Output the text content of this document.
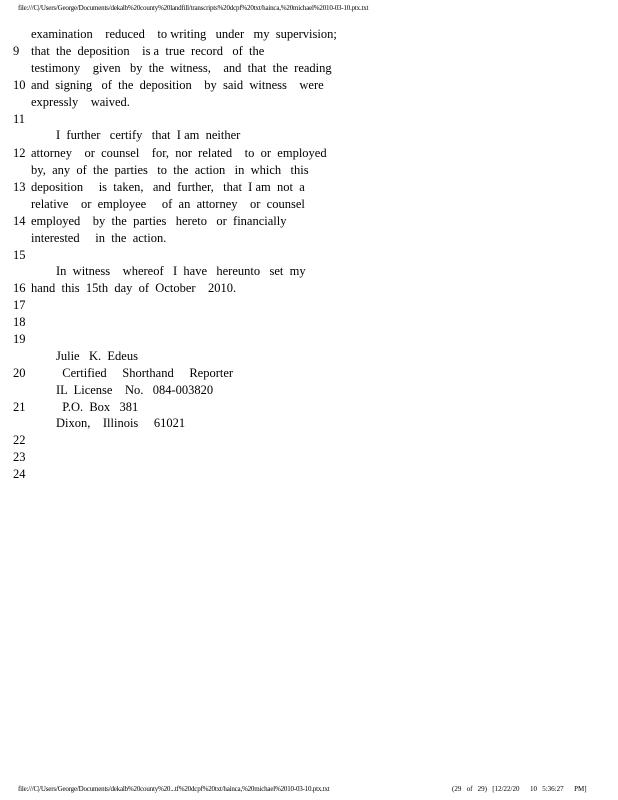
file:///C|/Users/George/Documents/dekalb%20county%20landfill/transcripts%20dcpf%20txt/hainca,%20michael%2010-03-10.ptx.txt
examination    reduced    to writing   under   my  supervision;
9 that  the  deposition    is a  true  record   of  the
testimony    given   by  the  witness,    and  that  the  reading
10 and  signing   of  the  deposition    by  said  witness    were
expressly    waived.
11
I  further   certify   that  I am  neither
12 attorney    or  counsel    for,  nor  related    to  or  employed
by,  any  of  the  parties   to  the  action   in  which   this
13 deposition     is  taken,   and  further,   that  I am  not  a
relative    or  employee     of  an  attorney    or  counsel
14 employed    by  the  parties   hereto   or  financially
interested     in  the  action.
15
In  witness    whereof   I  have   hereunto   set  my
16 hand  this  15th  day  of  October    2010.
17
18
19
Julie   K.  Edeus
20 Certified     Shorthand     Reporter
IL  License    No.   084-003820
21 P.O.  Box   381
Dixon,    Illinois     61021
22
23
24
file:///C|/Users/George/Documents/dekalb%20county%20...tf%20dcpf%20txt/hainca,%20michael%2010-03-10.ptx.txt	(29   of   29)   [12/22/20      10   5:36:27      PM]
